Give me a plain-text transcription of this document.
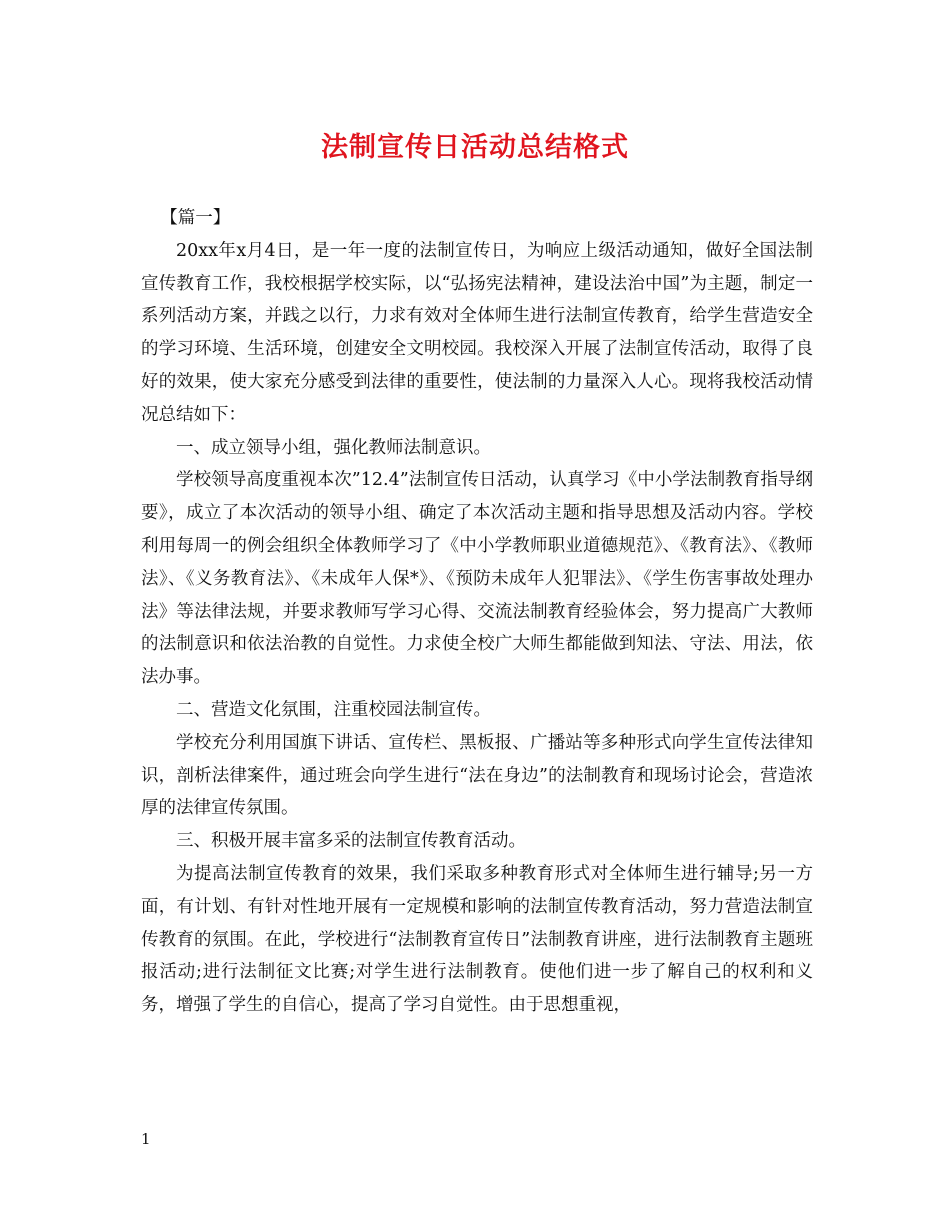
法制宣传日活动总结格式

【篇一】

20xx年x月4日，是一年一度的法制宣传日，为响应上级活动通知，做好全国法制宣传教育工作，我校根据学校实际，以“弘扬宪法精神，建设法治中国”为主题，制定一系列活动方案，并践之以行，力求有效对全体师生进行法制宣传教育，给学生营造安全的学习环境、生活环境，创建安全文明校园。我校深入开展了法制宣传活动，取得了良好的效果，使大家充分感受到法律的重要性，使法制的力量深入人心。现将我校活动情况总结如下：

一、成立领导小组，强化教师法制意识。

学校领导高度重视本次”12.4”法制宣传日活动，认真学习《中小学法制教育指导纲要》，成立了本次活动的领导小组、确定了本次活动主题和指导思想及活动内容。学校利用每周一的例会组织全体教师学习了《中小学教师职业道德规范》、《教育法》、《教师法》、《义务教育法》、《未成年人保*》、《预防未成年人犯罪法》、《学生伤害事故处理办法》等法律法规，并要求教师写学习心得、交流法制教育经验体会，努力提高广大教师的法制意识和依法治教的自觉性。力求使全校广大师生都能做到知法、守法、用法，依法办事。

二、营造文化氛围，注重校园法制宣传。

学校充分利用国旗下讲话、宣传栏、黑板报、广播站等多种形式向学生宣传法律知识，剖析法律案件，通过班会向学生进行“法在身边”的法制教育和现场讨论会，营造浓厚的法律宣传氛围。

三、积极开展丰富多采的法制宣传教育活动。

为提高法制宣传教育的效果，我们采取多种教育形式对全体师生进行辅导;另一方面，有计划、有针对性地开展有一定规模和影响的法制宣传教育活动，努力营造法制宣传教育的氛围。在此，学校进行“法制教育宣传日”法制教育讲座，进行法制教育主题班报活动;进行法制征文比赛;对学生进行法制教育。使他们进一步了解自己的权利和义务，增强了学生的自信心，提高了学习自觉性。由于思想重视，

1
